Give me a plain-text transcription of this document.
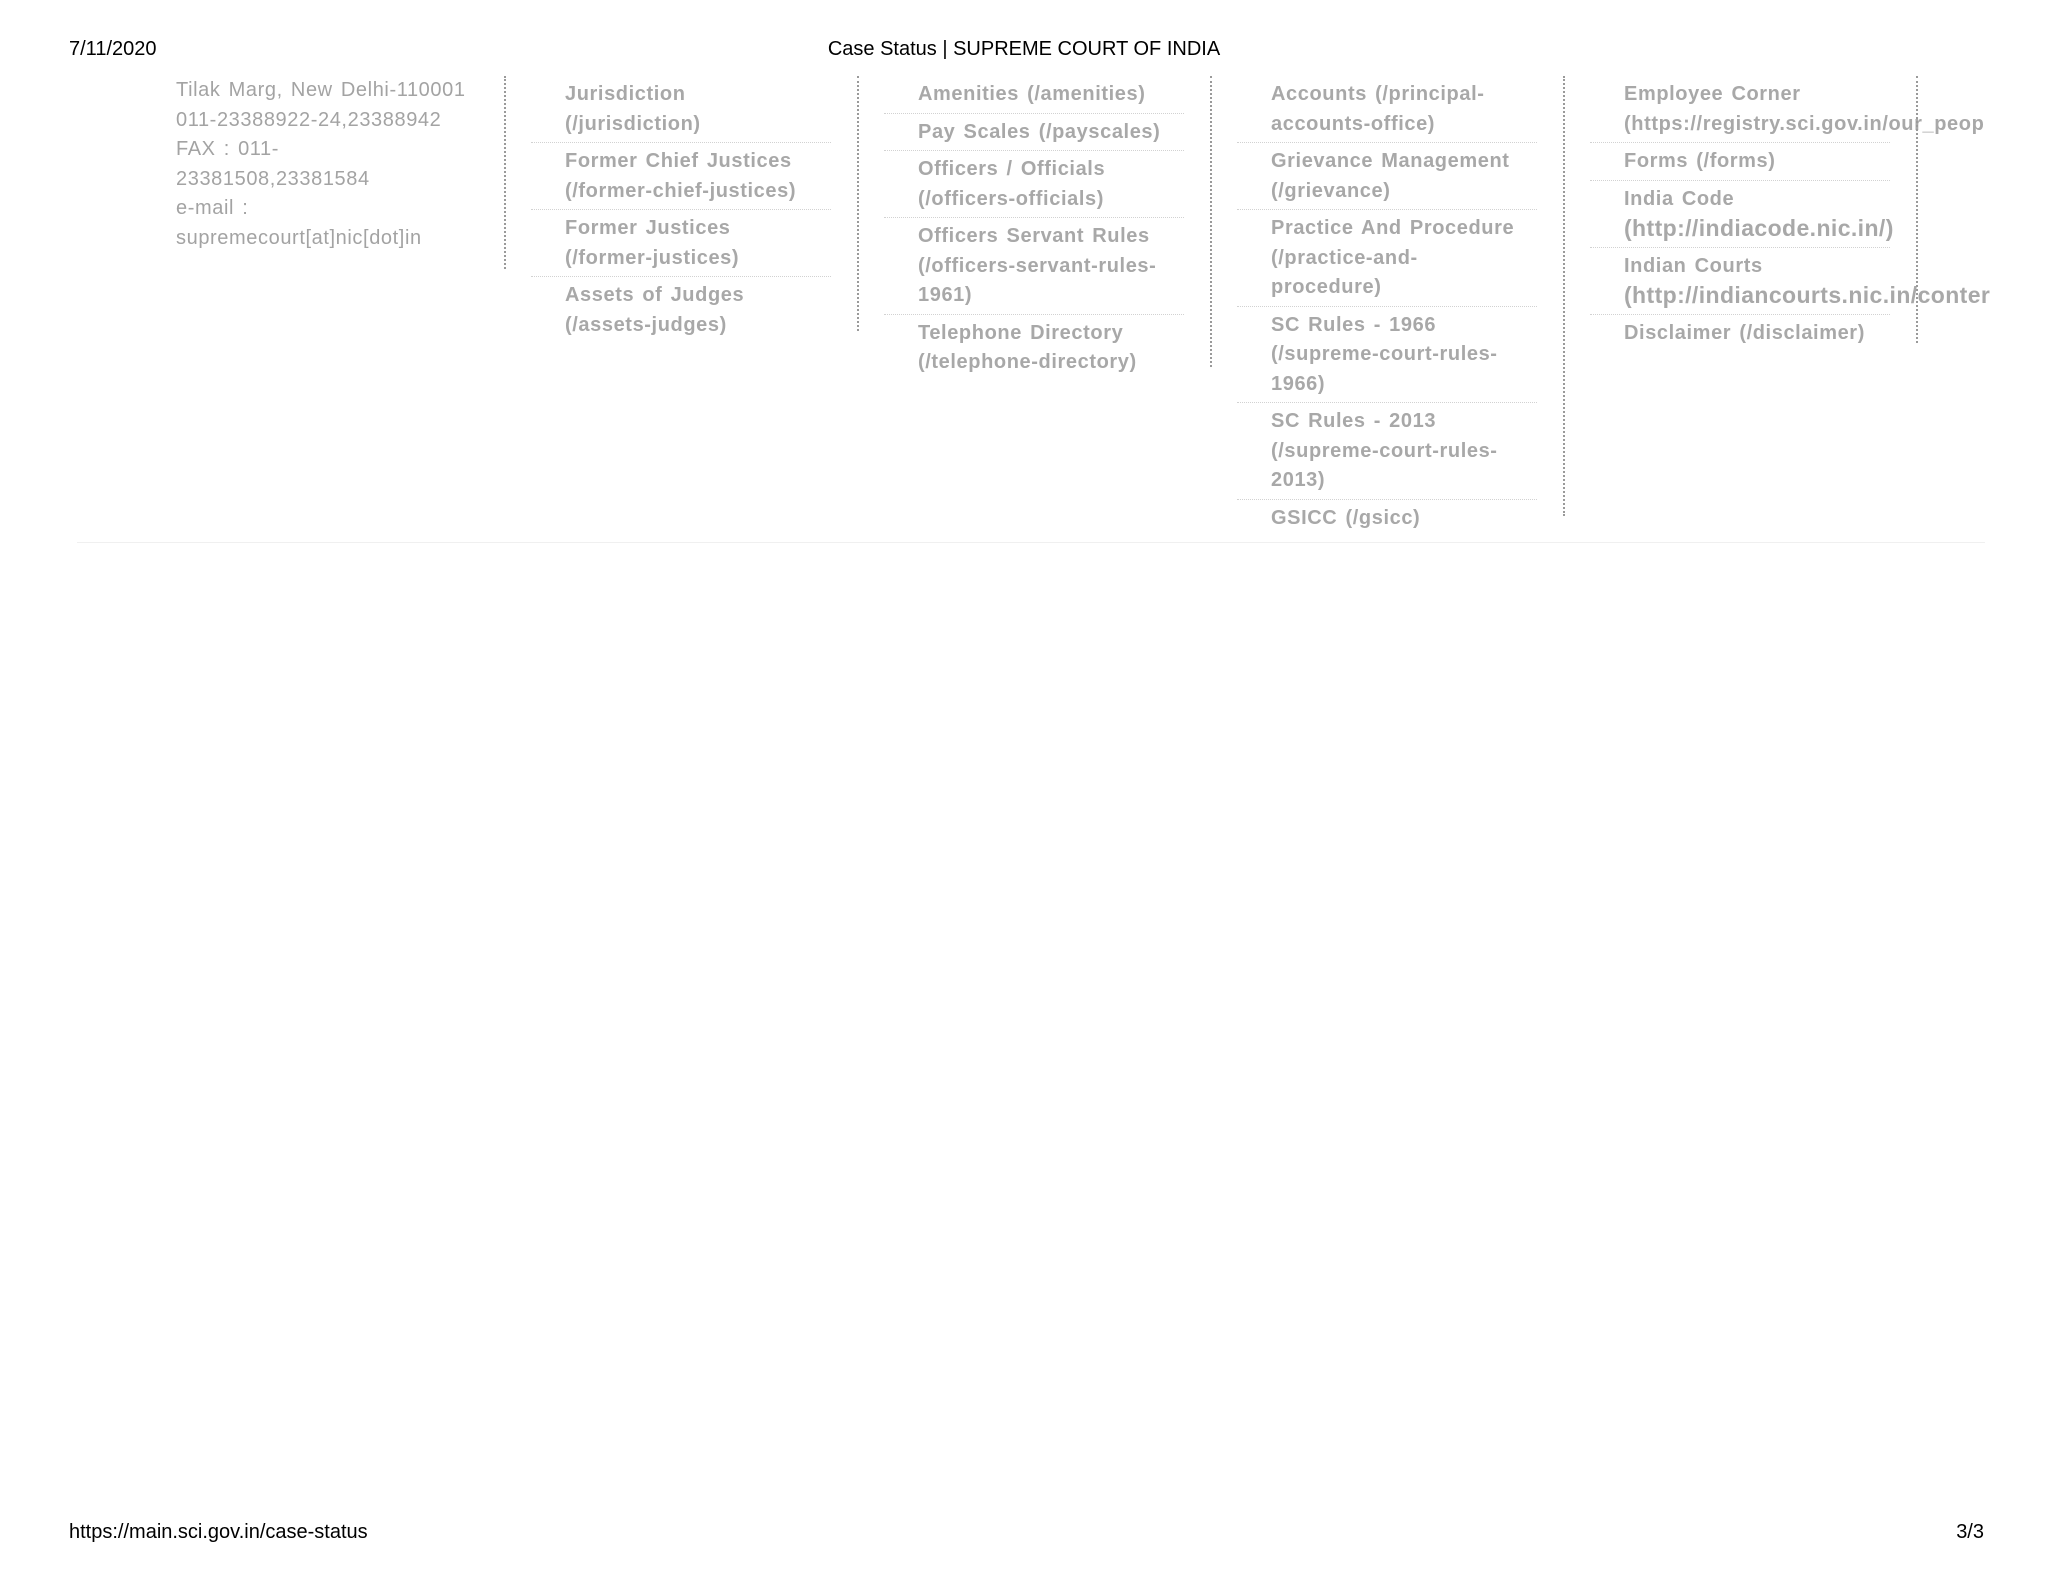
7/11/2020	Case Status | SUPREME COURT OF INDIA
Tilak Marg, New Delhi-110001
011-23388922-24,23388942
FAX : 011-
23381508,23381584
e-mail :
supremecourt[at]nic[dot]in
Jurisdiction
(/jurisdiction)
Former Chief Justices
(/former-chief-justices)
Former Justices
(/former-justices)
Assets of Judges
(/assets-judges)
Amenities (/amenities)
Pay Scales (/payscales)
Officers / Officials
(/officers-officials)
Officers Servant Rules
(/officers-servant-rules-
1961)
Telephone Directory
(/telephone-directory)
Accounts (/principal-
accounts-office)
Grievance Management
(/grievance)
Practice And Procedure
(/practice-and-
procedure)
SC Rules - 1966
(/supreme-court-rules-
1966)
SC Rules - 2013
(/supreme-court-rules-
2013)
GSICC (/gsicc)
Employee Corner
(https://registry.sci.gov.in/our_peop
Forms (/forms)
India Code
(http://indiacode.nic.in/)
Indian Courts
(http://indiancourts.nic.in/conter
Disclaimer (/disclaimer)
https://main.sci.gov.in/case-status	3/3
